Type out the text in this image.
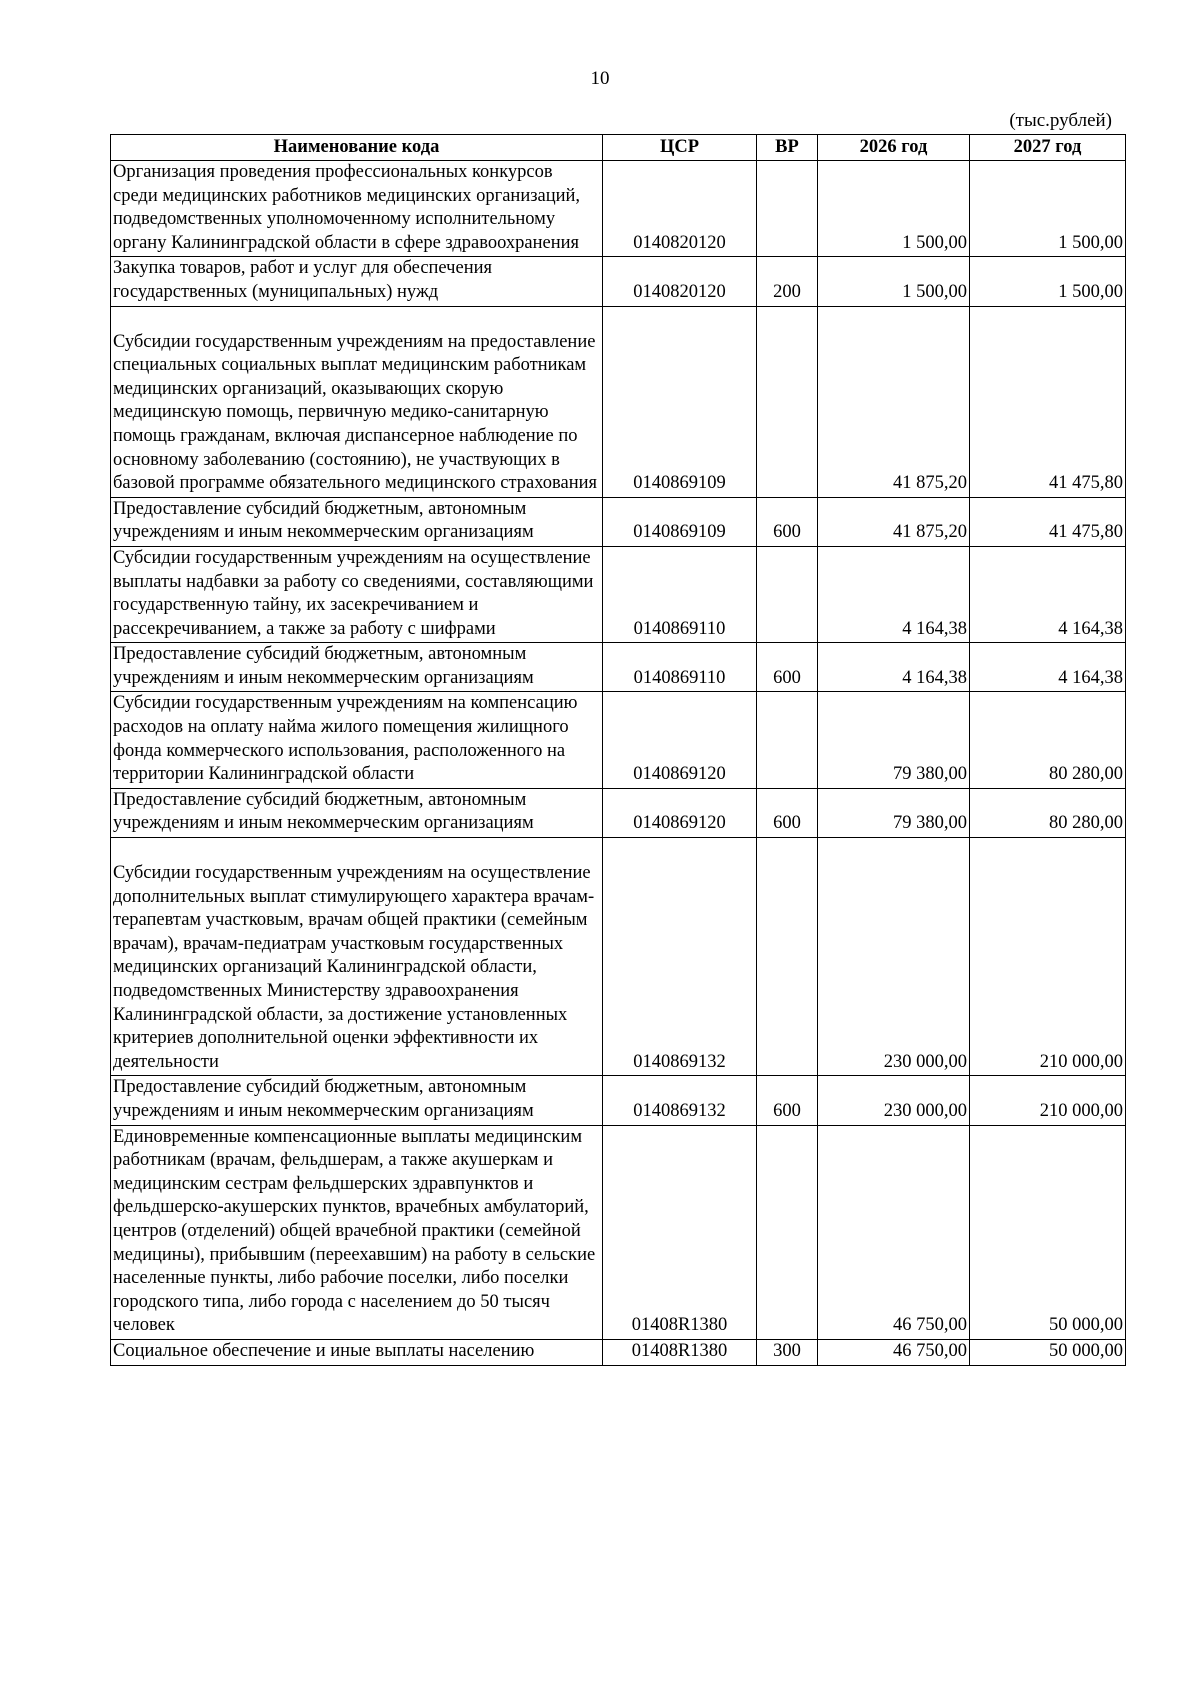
10
(тыс.рублей)
Наименование кода	ЦСР	ВР	2026 год	2027 год
Организация проведения профессиональных конкурсов среди медицинских работников медицинских организаций, подведомственных уполномоченному исполнительному органу Калининградской области в сфере здравоохранения	0140820120		1 500,00	1 500,00
Закупка товаров, работ и услуг для обеспечения государственных (муниципальных) нужд	0140820120	200	1 500,00	1 500,00
Субсидии государственным учреждениям на предоставление специальных социальных выплат медицинским работникам медицинских организаций, оказывающих скорую медицинскую помощь, первичную медико-санитарную помощь гражданам, включая диспансерное наблюдение по основному заболеванию (состоянию), не участвующих в базовой программе обязательного медицинского страхования	0140869109		41 875,20	41 475,80
Предоставление субсидий бюджетным, автономным учреждениям и иным некоммерческим организациям	0140869109	600	41 875,20	41 475,80
Субсидии государственным учреждениям на осуществление выплаты надбавки за работу со сведениями, составляющими государственную тайну, их засекречиванием и рассекречиванием, а также за работу с шифрами	0140869110		4 164,38	4 164,38
Предоставление субсидий бюджетным, автономным учреждениям и иным некоммерческим организациям	0140869110	600	4 164,38	4 164,38
Субсидии государственным учреждениям на компенсацию расходов на оплату найма жилого помещения жилищного фонда коммерческого использования, расположенного на территории Калининградской области	0140869120		79 380,00	80 280,00
Предоставление субсидий бюджетным, автономным учреждениям и иным некоммерческим организациям	0140869120	600	79 380,00	80 280,00
Субсидии государственным учреждениям на осуществление дополнительных выплат стимулирующего характера врачам-терапевтам участковым, врачам общей практики (семейным врачам), врачам-педиатрам участковым государственных медицинских организаций Калининградской области, подведомственных Министерству здравоохранения Калининградской области, за достижение установленных критериев дополнительной оценки эффективности их деятельности	0140869132		230 000,00	210 000,00
Предоставление субсидий бюджетным, автономным учреждениям и иным некоммерческим организациям	0140869132	600	230 000,00	210 000,00
Единовременные компенсационные выплаты медицинским работникам (врачам, фельдшерам, а также акушеркам и медицинским сестрам фельдшерских здравпунктов и фельдшерско-акушерских пунктов, врачебных амбулаторий, центров (отделений) общей врачебной практики (семейной медицины), прибывшим (переехавшим) на работу в сельские населенные пункты, либо рабочие поселки, либо поселки городского типа, либо города с населением до 50 тысяч человек	01408R1380		46 750,00	50 000,00
Социальное обеспечение и иные выплаты населению	01408R1380	300	46 750,00	50 000,00
